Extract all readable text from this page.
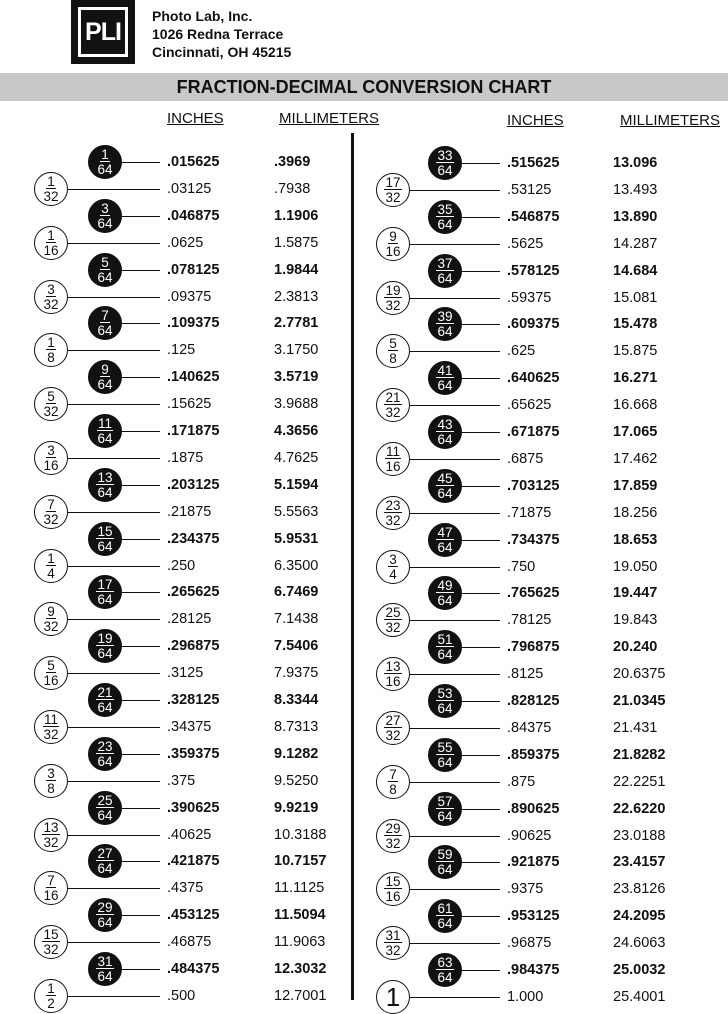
PLI
Photo Lab, Inc.
1026 Redna Terrace
Cincinnati, OH 45215
FRACTION-DECIMAL CONVERSION CHART
INCHES	MILLIMETERS	INCHES	MILLIMETERS
$\frac{1}{64}$	.015625	.3969
$\frac{1}{32}$	.03125	.7938
$\frac{3}{64}$	.046875	1.1906
$\frac{1}{16}$	.0625	1.5875
$\frac{5}{64}$	.078125	1.9844
$\frac{3}{32}$	.09375	2.3813
$\frac{7}{64}$	.109375	2.7781
$\frac{1}{8}$	.125	3.1750
$\frac{9}{64}$	.140625	3.5719
$\frac{5}{32}$	.15625	3.9688
$\frac{11}{64}$	.171875	4.3656
$\frac{3}{16}$	.1875	4.7625
$\frac{13}{64}$	.203125	5.1594
$\frac{7}{32}$	.21875	5.5563
$\frac{15}{64}$	.234375	5.9531
$\frac{1}{4}$	.250	6.3500
$\frac{17}{64}$	.265625	6.7469
$\frac{9}{32}$	.28125	7.1438
$\frac{19}{64}$	.296875	7.5406
$\frac{5}{16}$	.3125	7.9375
$\frac{21}{64}$	.328125	8.3344
$\frac{11}{32}$	.34375	8.7313
$\frac{23}{64}$	.359375	9.1282
$\frac{3}{8}$	.375	9.5250
$\frac{25}{64}$	.390625	9.9219
$\frac{13}{32}$	.40625	10.3188
$\frac{27}{64}$	.421875	10.7157
$\frac{7}{16}$	.4375	11.1125
$\frac{29}{64}$	.453125	11.5094
$\frac{15}{32}$	.46875	11.9063
$\frac{31}{64}$	.484375	12.3032
$\frac{1}{2}$	.500	12.7001
$\frac{33}{64}$	.515625	13.096
$\frac{17}{32}$	.53125	13.493
$\frac{35}{64}$	.546875	13.890
$\frac{9}{16}$	.5625	14.287
$\frac{37}{64}$	.578125	14.684
$\frac{19}{32}$	.59375	15.081
$\frac{39}{64}$	.609375	15.478
$\frac{5}{8}$	.625	15.875
$\frac{41}{64}$	.640625	16.271
$\frac{21}{32}$	.65625	16.668
$\frac{43}{64}$	.671875	17.065
$\frac{11}{16}$	.6875	17.462
$\frac{45}{64}$	.703125	17.859
$\frac{23}{32}$	.71875	18.256
$\frac{47}{64}$	.734375	18.653
$\frac{3}{4}$	.750	19.050
$\frac{49}{64}$	.765625	19.447
$\frac{25}{32}$	.78125	19.843
$\frac{51}{64}$	.796875	20.240
$\frac{13}{16}$	.8125	20.6375
$\frac{53}{64}$	.828125	21.0345
$\frac{27}{32}$	.84375	21.431
$\frac{55}{64}$	.859375	21.8282
$\frac{7}{8}$	.875	22.2251
$\frac{57}{64}$	.890625	22.6220
$\frac{29}{32}$	.90625	23.0188
$\frac{59}{64}$	.921875	23.4157
$\frac{15}{16}$	.9375	23.8126
$\frac{61}{64}$	.953125	24.2095
$\frac{31}{32}$	.96875	24.6063
$\frac{63}{64}$	.984375	25.0032
1	1.000	25.4001
